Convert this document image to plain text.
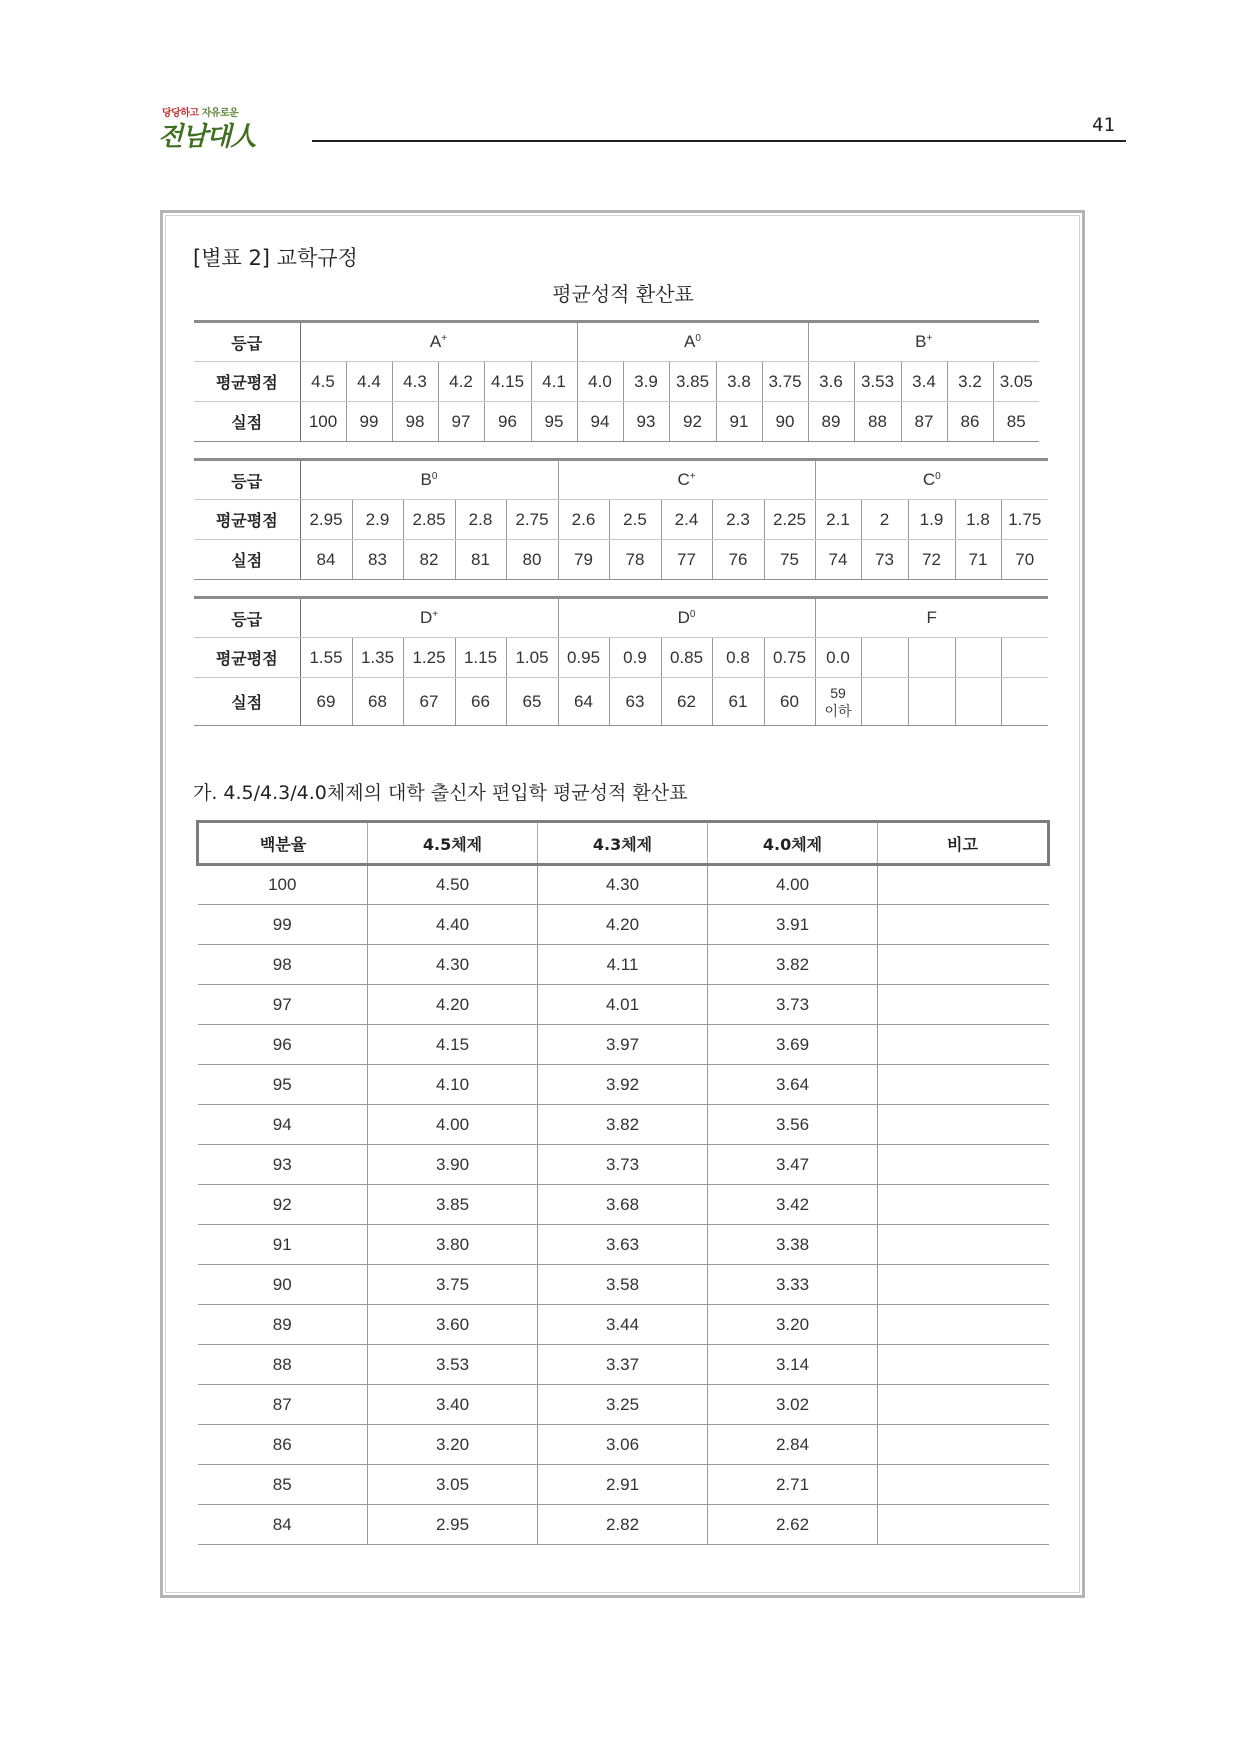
당당하고 자유로운
전남대人	41
[별표 2] 교학규정
평균성적 환산표
등급	A+						$A^0$					B+
평균평점	4.5	4.4	4.3	4.2	4.15	4.1	4.0	3.9	3.85	3.8	3.75	3.6	3.53	3.4	3.2	3.05
실점	100	99	98	97	96	95	94	93	92	91	90	89	88	87	86	85
등급	$B^0$					C+					$C^0$
평균평점	2.95	2.9	2.85	2.8	2.75	2.6	2.5	2.4	2.3	2.25	2.1	2	1.9	1.8	1.75
실점	84	83	82	81	80	79	78	77	76	75	74	73	72	71	70
등급	D+					$D^0$					F				
평균평점	1.55	1.35	1.25	1.15	1.05	0.95	0.9	0.85	0.8	0.75	0.0				
실점	69	68	67	66	65	64	63	62	61	60	59
이하				
가. 4.5/4.3/4.0체제의 대학 출신자 편입학 평균성적 환산표
백분율	4.5체제	4.3체제	4.0체제	비고
100	4.50	4.30	4.00	
99	4.40	4.20	3.91	
98	4.30	4.11	3.82	
97	4.20	4.01	3.73	
96	4.15	3.97	3.69	
95	4.10	3.92	3.64	
94	4.00	3.82	3.56	
93	3.90	3.73	3.47	
92	3.85	3.68	3.42	
91	3.80	3.63	3.38	
90	3.75	3.58	3.33	
89	3.60	3.44	3.20	
88	3.53	3.37	3.14	
87	3.40	3.25	3.02	
86	3.20	3.06	2.84	
85	3.05	2.91	2.71	
84	2.95	2.82	2.62	
